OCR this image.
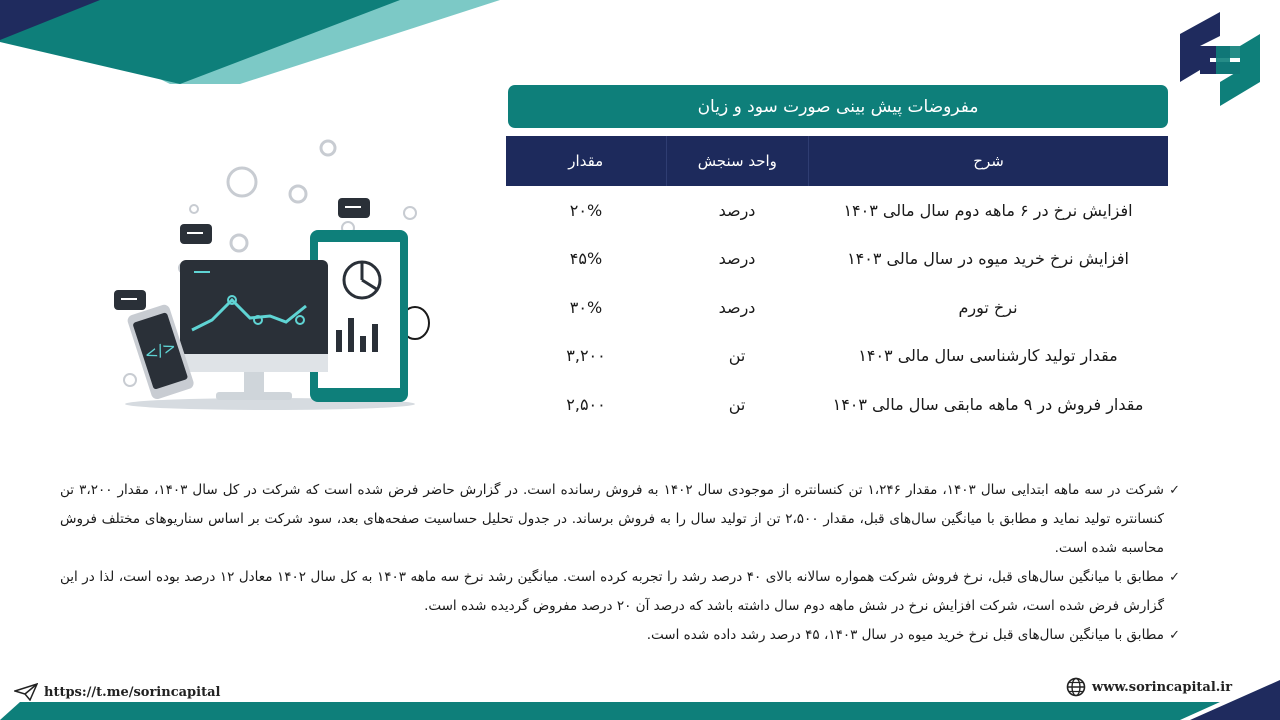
مفروضات پیش بینی صورت سود و زیان
شرح
واحد سنجش
مقدار
افزایش نرخ در ۶ ماهه دوم سال مالی ۱۴۰۳
درصد
۲۰%
افزایش نرخ خرید میوه در سال مالی ۱۴۰۳
درصد
۴۵%
نرخ تورم
درصد
۳۰%
مقدار تولید کارشناسی سال مالی ۱۴۰۳
تن
۳,۲۰۰
مقدار فروش در ۹ ماهه مابقی سال مالی ۱۴۰۳
تن
۲,۵۰۰
</>
✓
شرکت در سه ماهه ابتدایی سال ۱۴۰۳، مقدار ۱،۲۴۶ تن کنسانتره از موجودی سال ۱۴۰۲ به فروش رسانده است. در گزارش حاضر فرض شده است که شرکت در کل سال ۱۴۰۳، مقدار ۳،۲۰۰ تن کنسانتره تولید نماید و مطابق با میانگین سال‌های قبل، مقدار ۲،۵۰۰ تن از تولید سال را به فروش برساند. در جدول تحلیل حساسیت صفحه‌های بعد، سود شرکت بر اساس سناریوهای مختلف فروش محاسبه شده است.
✓
مطابق با میانگین سال‌های قبل، نرخ فروش شرکت همواره سالانه بالای ۴۰ درصد رشد را تجربه کرده است. میانگین رشد نرخ سه ماهه ۱۴۰۳ به کل سال ۱۴۰۲ معادل ۱۲ درصد بوده است، لذا در این گزارش فرض شده است، شرکت افزایش نرخ در شش ماهه دوم سال داشته باشد که درصد آن ۲۰ درصد مفروض گردیده شده است.
✓
مطابق با میانگین سال‌های قبل نرخ خرید میوه در سال ۱۴۰۳، ۴۵ درصد رشد داده شده است.
https://t.me/sorincapital	www.sorincapital.ir
